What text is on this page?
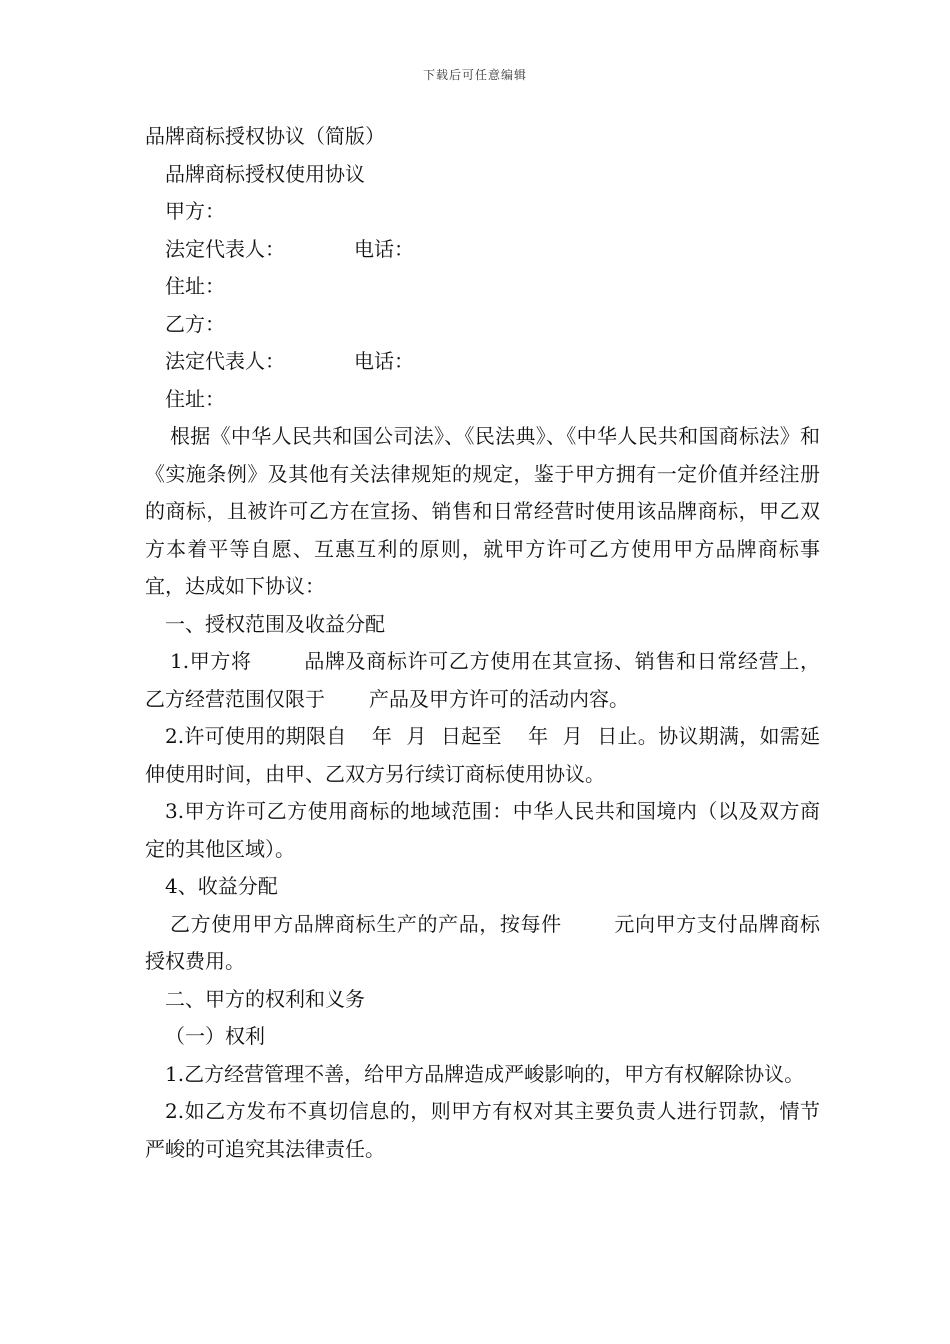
下载后可任意编辑

品牌商标授权协议（简版）

品牌商标授权使用协议

甲方：

法定代表人：	电话：

住址：

乙方：

法定代表人：	电话：

住址：

根据《中华人民共和国公司法》、《民法典》、《中华人民共和国商标法》和《实施条例》及其他有关法律规矩的规定，鉴于甲方拥有一定价值并经注册的商标，且被许可乙方在宣扬、销售和日常经营时使用该品牌商标，甲乙双方本着平等自愿、互惠互利的原则，就甲方许可乙方使用甲方品牌商标事宜，达成如下协议：

一、授权范围及收益分配

1.甲方将	品牌及商标许可乙方使用在其宣扬、销售和日常经营上，乙方经营范围仅限于 产品及甲方许可的活动内容。

2.许可使用的期限自 年 月 日起至 年 月 日止。协议期满，如需延伸使用时间，由甲、乙双方另行续订商标使用协议。

3.甲方许可乙方使用商标的地域范围：中华人民共和国境内（以及双方商定的其他区域）。

4、收益分配

乙方使用甲方品牌商标生产的产品，按每件	元向甲方支付品牌商标授权费用。

二、甲方的权利和义务

（一）权利

1.乙方经营管理不善，给甲方品牌造成严峻影响的，甲方有权解除协议。

2.如乙方发布不真切信息的，则甲方有权对其主要负责人进行罚款，情节严峻的可追究其法律责任。
